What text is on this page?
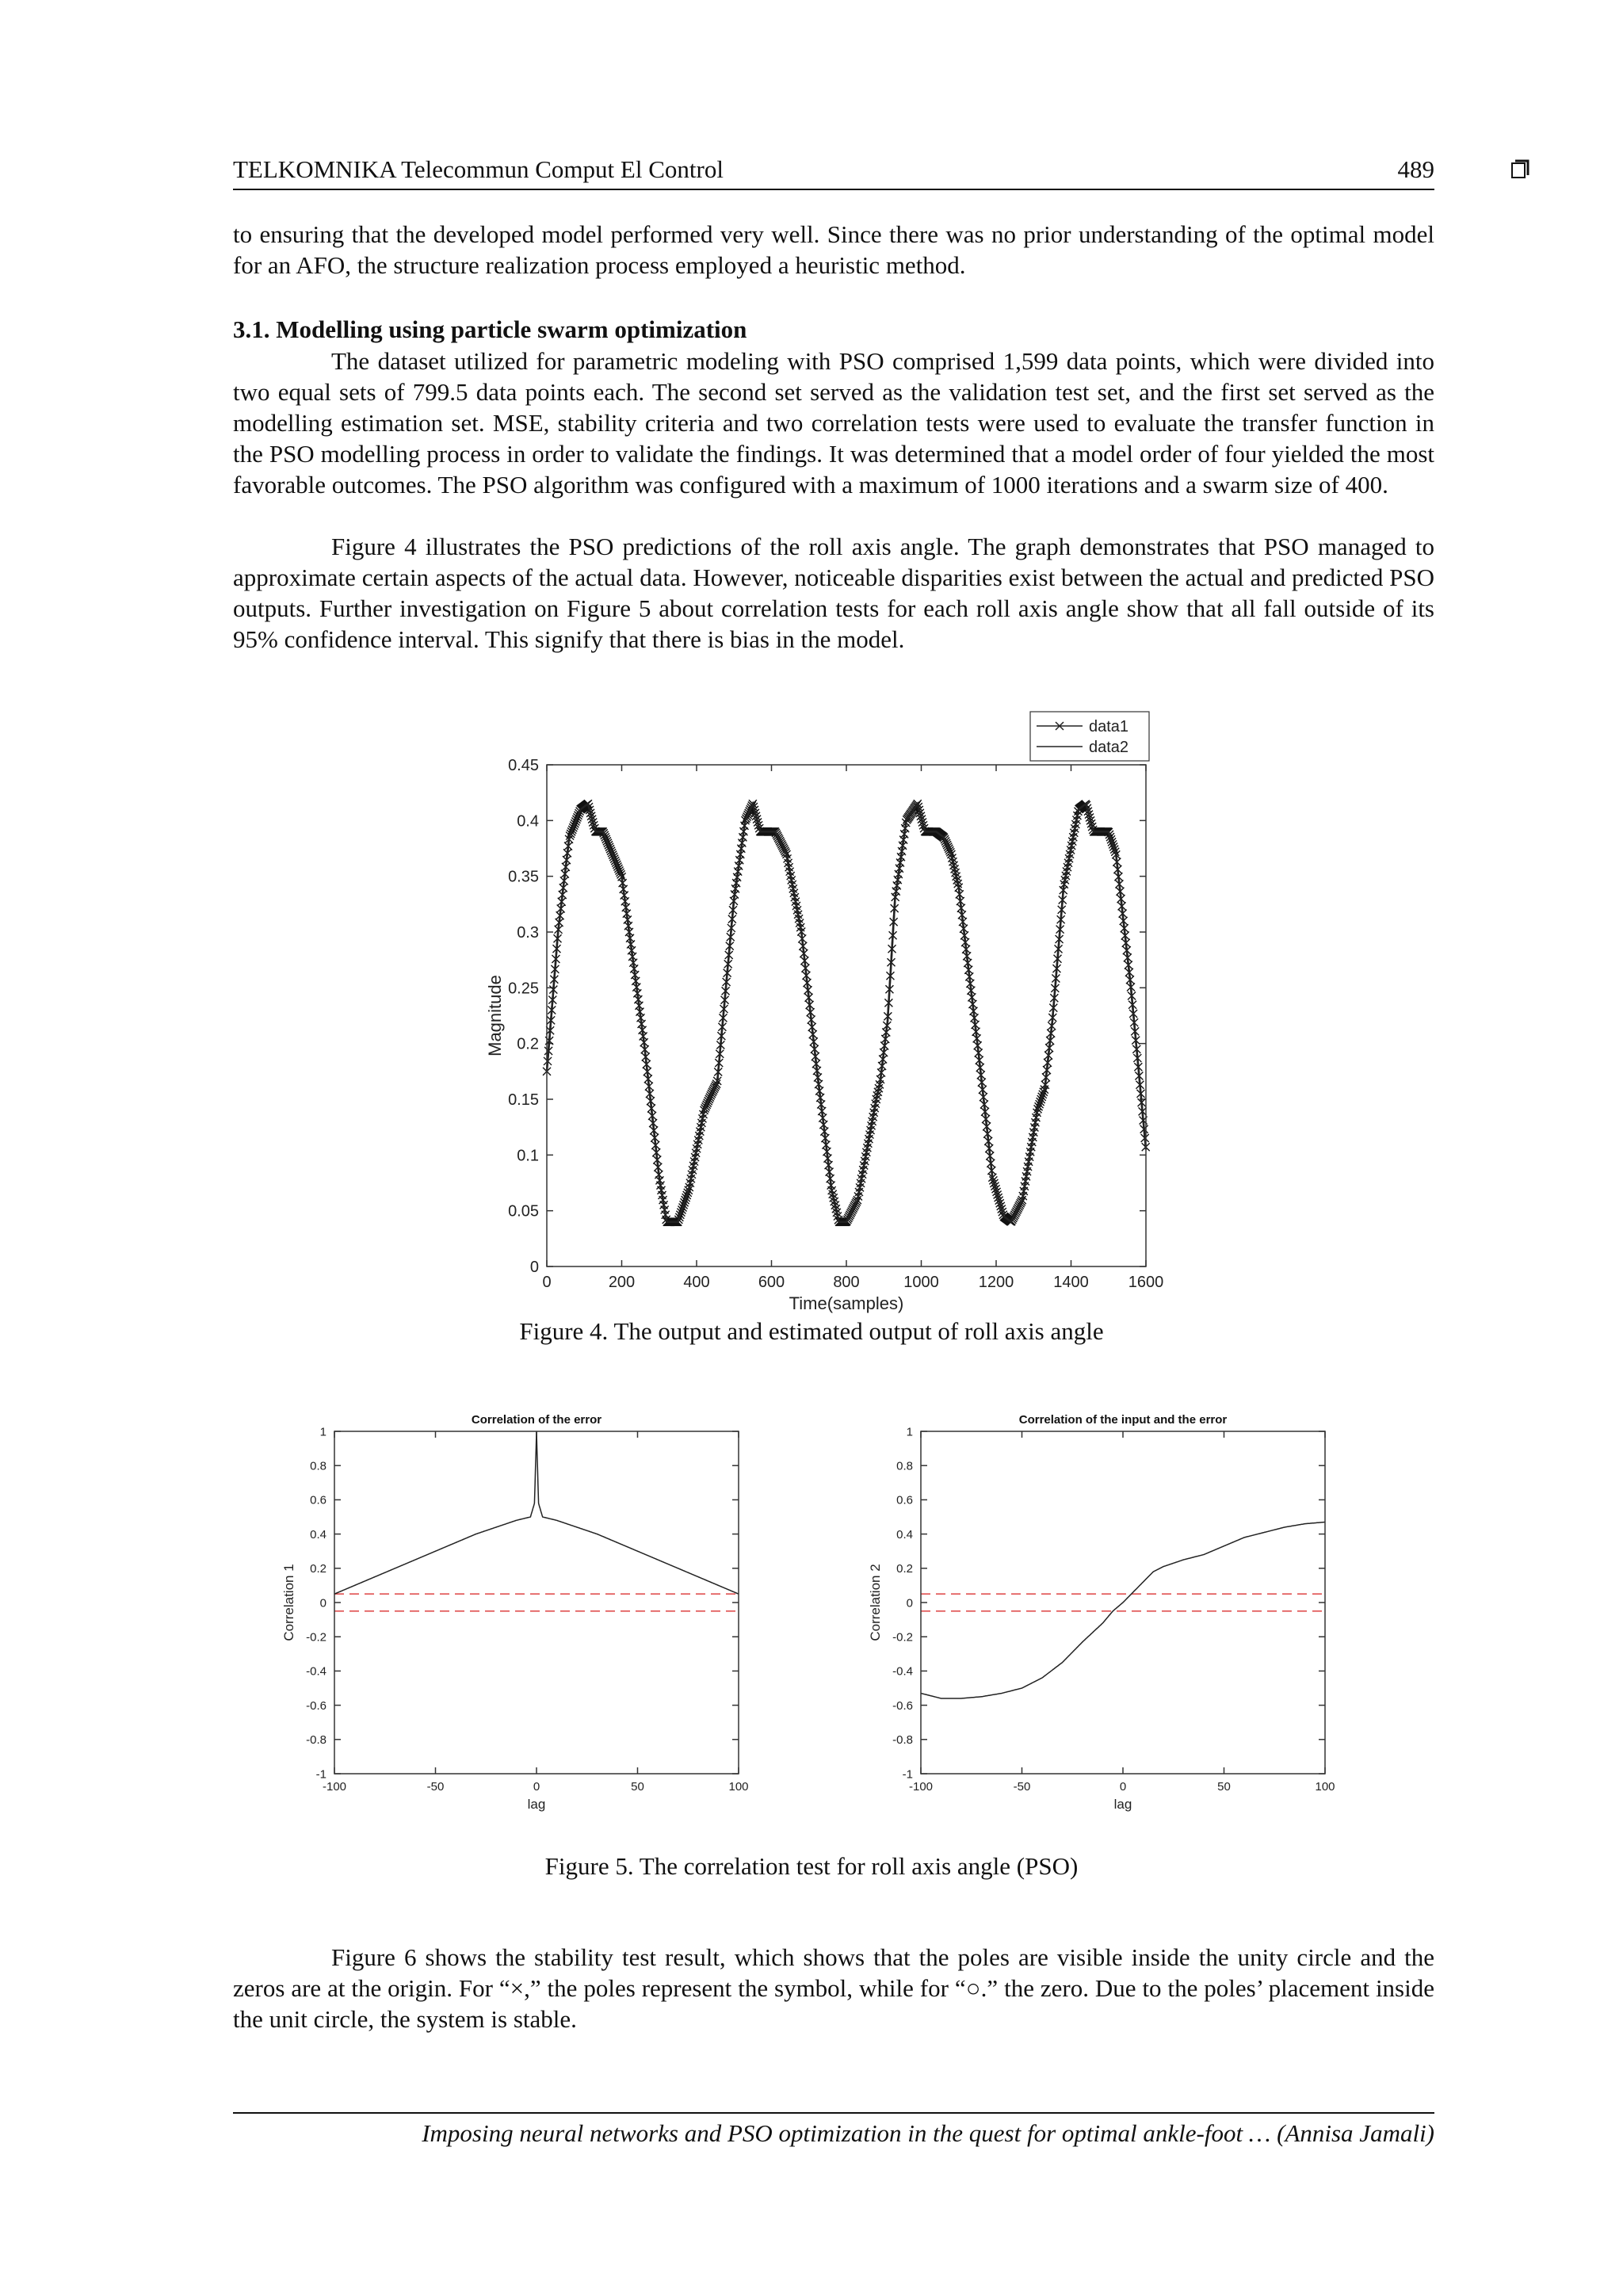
TELKOMNIKA Telecommun Comput El Control	489

to ensuring that the developed model performed very well. Since there was no prior understanding of the optimal model for an AFO, the structure realization process employed a heuristic method.

3.1. Modelling using particle swarm optimization

The dataset utilized for parametric modeling with PSO comprised 1,599 data points, which were divided into two equal sets of 799.5 data points each. The second set served as the validation test set, and the first set served as the modelling estimation set. MSE, stability criteria and two correlation tests were used to evaluate the transfer function in the PSO modelling process in order to validate the findings. It was determined that a model order of four yielded the most favorable outcomes. The PSO algorithm was configured with a maximum of 1000 iterations and a swarm size of 400.

Figure 4 illustrates the PSO predictions of the roll axis angle. The graph demonstrates that PSO managed to approximate certain aspects of the actual data. However, noticeable disparities exist between the actual and predicted PSO outputs. Further investigation on Figure 5 about correlation tests for each roll axis angle show that all fall outside of its 95% confidence interval. This signify that there is bias in the model.

0	200	400	600	800	1000	1200	1400	1600
0
0.05
0.1
0.15
0.2
0.25
0.3
0.35
0.4
0.45
Time(samples)
Magnitude
data1
data2
Figure 4. The output and estimated output of roll axis angle
Correlation of the error
-100	-50	0	50	100
-1
-0.8
-0.6
-0.4
-0.2
0
0.2
0.4
0.6
0.8
1
lag
Correlation 1
Correlation of the input and the error
-100	-50	0	50	100
-1
-0.8
-0.6
-0.4
-0.2
0
0.2
0.4
0.6
0.8
1
lag
Correlation 2
Figure 5. The correlation test for roll axis angle (PSO)

Figure 6 shows the stability test result, which shows that the poles are visible inside the unity circle and the zeros are at the origin. For “×,” the poles represent the symbol, while for “○.” the zero. Due to the poles’ placement inside the unit circle, the system is stable.

Imposing neural networks and PSO optimization in the quest for optimal ankle-foot … (Annisa Jamali)
